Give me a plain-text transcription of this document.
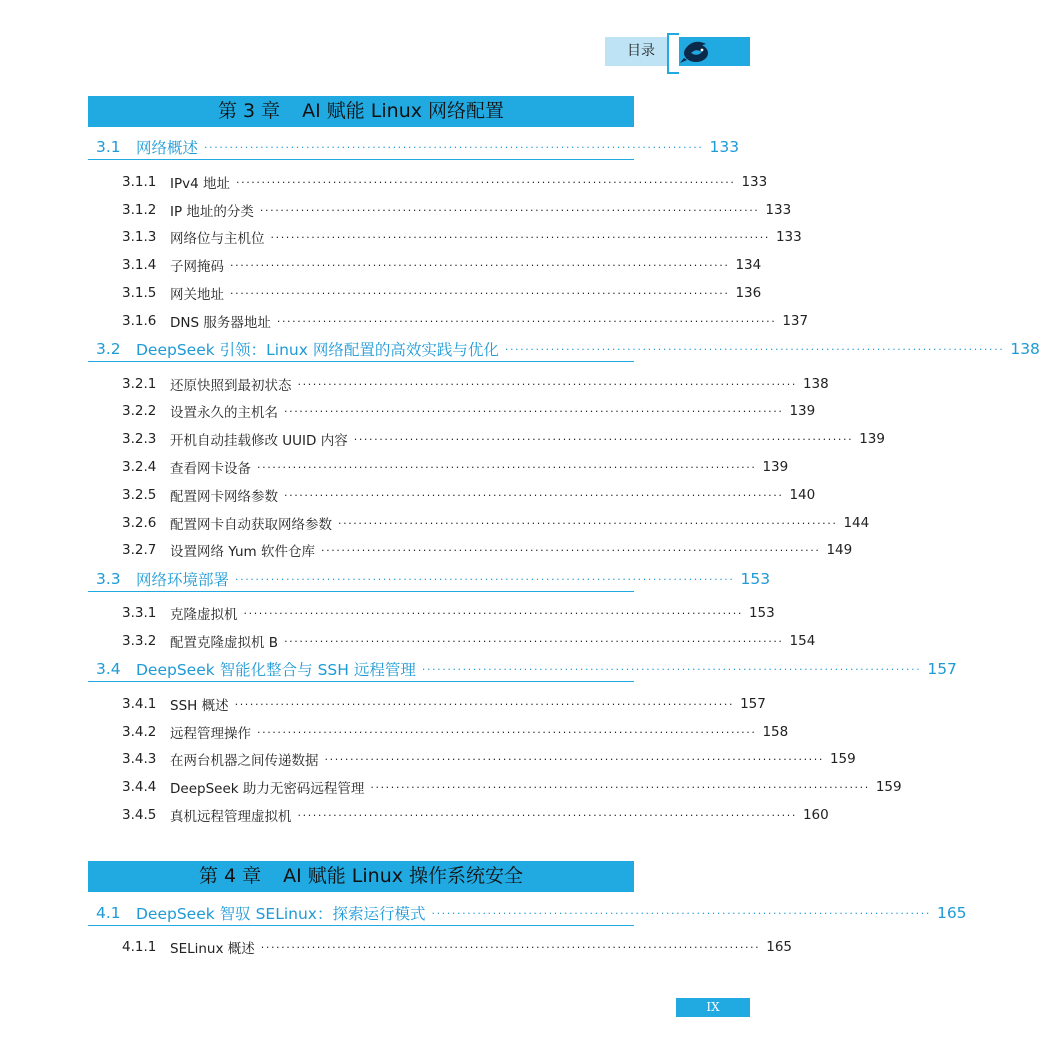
目录
第 3 章 AI 赋能 Linux 网络配置
3.1 网络概述 ·································································································· 133
3.1.1	IPv4 地址 ·································································································· 133
3.1.2	IP 地址的分类 ·································································································· 133
3.1.3	网络位与主机位 ·································································································· 133
3.1.4	子网掩码 ·································································································· 134
3.1.5	网关地址 ·································································································· 136
3.1.6	DNS 服务器地址 ·································································································· 137
3.2 DeepSeek 引领：Linux 网络配置的高效实践与优化 ·································································································· 138
3.2.1	还原快照到最初状态 ·································································································· 138
3.2.2	设置永久的主机名 ·································································································· 139
3.2.3	开机自动挂载修改 UUID 内容 ·································································································· 139
3.2.4	查看网卡设备 ·································································································· 139
3.2.5	配置网卡网络参数 ·································································································· 140
3.2.6	配置网卡自动获取网络参数 ·································································································· 144
3.2.7	设置网络 Yum 软件仓库 ·································································································· 149
3.3 网络环境部署 ·································································································· 153
3.3.1	克隆虚拟机 ·································································································· 153
3.3.2	配置克隆虚拟机 B ·································································································· 154
3.4 DeepSeek 智能化整合与 SSH 远程管理 ·································································································· 157
3.4.1	SSH 概述 ·································································································· 157
3.4.2	远程管理操作 ·································································································· 158
3.4.3	在两台机器之间传递数据 ·································································································· 159
3.4.4	DeepSeek 助力无密码远程管理 ·································································································· 159
3.4.5	真机远程管理虚拟机 ·································································································· 160
第 4 章 AI 赋能 Linux 操作系统安全
4.1 DeepSeek 智驭 SELinux：探索运行模式 ·································································································· 165
4.1.1	SELinux 概述 ·································································································· 165
IX
